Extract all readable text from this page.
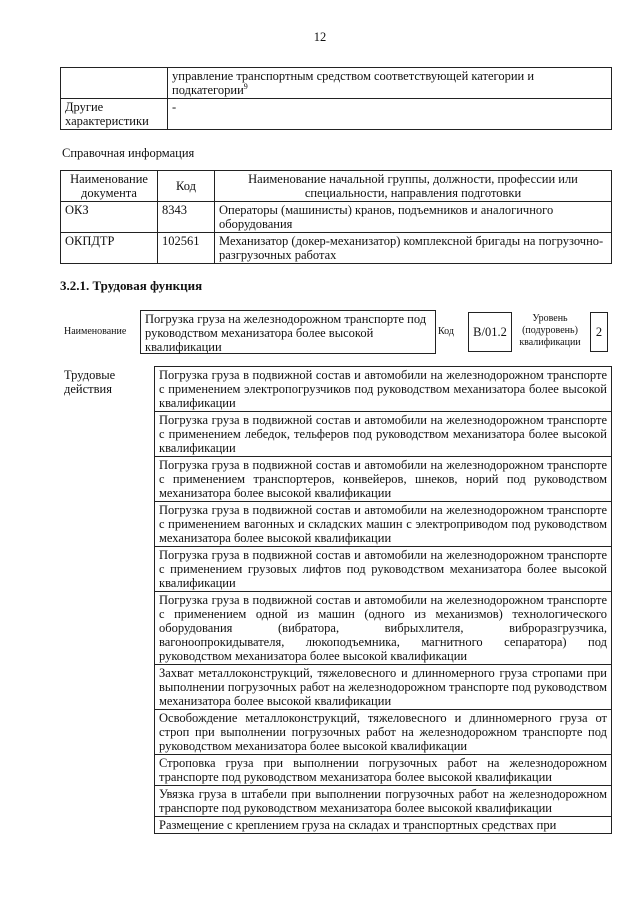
12
	управление транспортным средством соответствующей категории и подкатегории$^9$
Другие характеристики	-
Справочная информация
Наименование документа	Код	Наименование начальной группы, должности, профессии или специальности, направления подготовки
ОКЗ	8343	Операторы (машинисты) кранов, подъемников и аналогичного оборудования
ОКПДТР	102561	Механизатор (докер-механизатор) комплексной бригады на погрузочно-разгрузочных работах
3.2.1. Трудовая функция
Наименование
Погрузка груза на железнодорожном транспорте под руководством механизатора более высокой квалификации
Код	В/01.2
Уровень (подуровень) квалификации
2
Трудовые действия	Погрузка груза в подвижной состав и автомобили на железнодорожном транспорте с применением электропогрузчиков под руководством механизатора более высокой квалификации
Погрузка груза в подвижной состав и автомобили на железнодорожном транспорте с применением лебедок, тельферов под руководством механизатора более высокой квалификации
Погрузка груза в подвижной состав и автомобили на железнодорожном транспорте с применением транспортеров, конвейеров, шнеков, норий под руководством механизатора более высокой квалификации
Погрузка груза в подвижной состав и автомобили на железнодорожном транспорте с применением вагонных и складских машин с электроприводом под руководством механизатора более высокой квалификации
Погрузка груза в подвижной состав и автомобили на железнодорожном транспорте с применением грузовых лифтов под руководством механизатора более высокой квалификации
Погрузка груза в подвижной состав и автомобили на железнодорожном транспорте с применением одной из машин (одного из механизмов) технологического оборудования (вибратора, вибрыхлителя, виброразгрузчика, вагоноопрокидывателя, люкоподъемника, магнитного сепаратора) под руководством механизатора более высокой квалификации
Захват металлоконструкций, тяжеловесного и длинномерного груза стропами при выполнении погрузочных работ на железнодорожном транспорте под руководством механизатора более высокой квалификации
Освобождение металлоконструкций, тяжеловесного и длинномерного груза от строп при выполнении погрузочных работ на железнодорожном транспорте под руководством механизатора более высокой квалификации
Строповка груза при выполнении погрузочных работ на железнодорожном транспорте под руководством механизатора более высокой квалификации
Увязка груза в штабели при выполнении погрузочных работ на железнодорожном транспорте под руководством механизатора более высокой квалификации
Размещение с креплением груза на складах и транспортных средствах при
